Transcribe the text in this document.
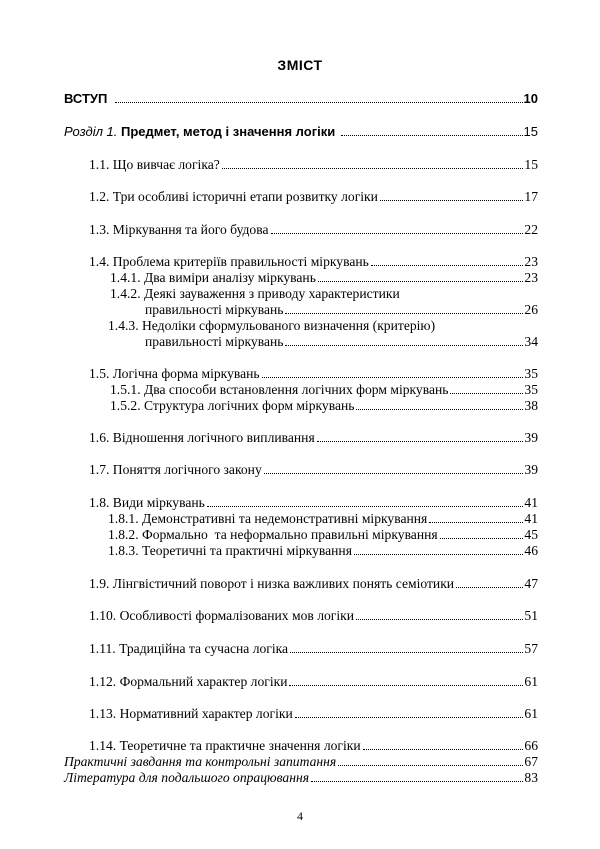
ЗМІСТ
ВСТУП	10
Розділ 1. Предмет, метод і значення логіки	15
1.1. Що вивчає логіка?	15
1.2. Три особливі історичні етапи розвитку логіки	17
1.3. Міркування та його будова	22
1.4. Проблема критеріїв правильності міркувань	23
1.4.1. Два виміри аналізу міркувань	23
1.4.2. Деякі зауваження з приводу характеристики
правильності міркувань	26
1.4.3. Недоліки сформульованого визначення (критерію)
правильності міркувань	34
1.5. Логічна форма міркувань	35
1.5.1. Два способи встановлення логічних форм міркувань	35
1.5.2. Структура логічних форм міркувань	38
1.6. Відношення логічного випливання	39
1.7. Поняття логічного закону	39
1.8. Види міркувань	41
1.8.1. Демонстративні та недемонстративні міркування	41
1.8.2. Формально  та неформально правильні міркування	45
1.8.3. Теоретичні та практичні міркування	46
1.9. Лінгвістичний поворот і низка важливих понять семіотики	47
1.10. Особливості формалізованих мов логіки	51
1.11. Традиційна та сучасна логіка	57
1.12. Формальний характер логіки	61
1.13. Нормативний характер логіки	61
1.14. Теоретичне та практичне значення логіки	66
Практичні завдання та контрольні запитання	67
Література для подальшого опрацювання	83
4
